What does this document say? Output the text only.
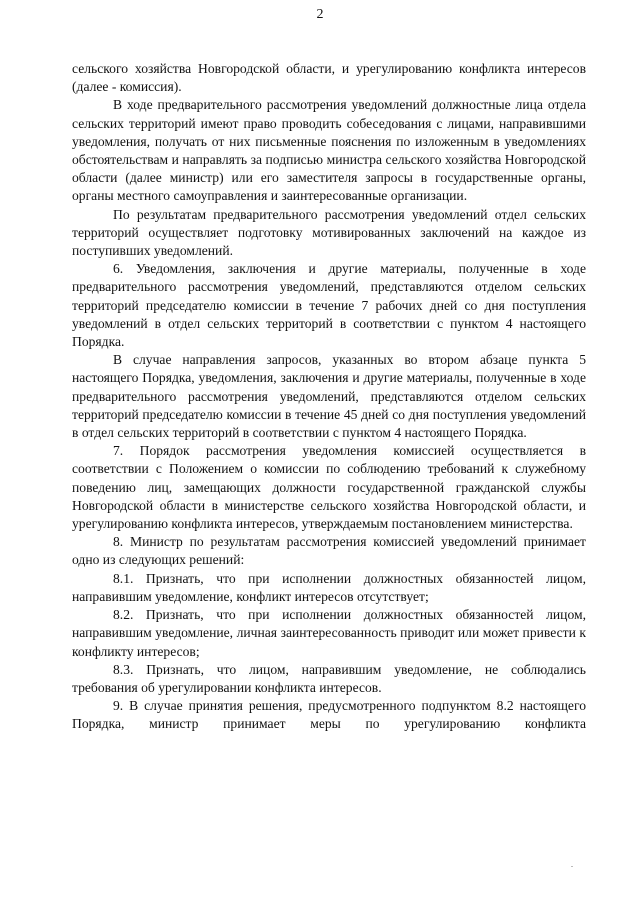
2

сельского хозяйства Новгородской области, и урегулированию конфликта интересов (далее - комиссия).

В ходе предварительного рассмотрения уведомлений должностные лица отдела сельских территорий имеют право проводить собеседования с лицами, направившими уведомления, получать от них письменные пояснения по изложенным в уведомлениях обстоятельствам и направлять за подписью министра сельского хозяйства Новгородской области (далее министр) или его заместителя запросы в государственные органы, органы местного самоуправления и заинтересованные организации.

По результатам предварительного рассмотрения уведомлений отдел сельских территорий осуществляет подготовку мотивированных заключений на каждое из поступивших уведомлений.

6. Уведомления, заключения и другие материалы, полученные в ходе предварительного рассмотрения уведомлений, представляются отделом сельских территорий председателю комиссии в течение 7 рабочих дней со дня поступления уведомлений в отдел сельских территорий в соответствии с пунктом 4 настоящего Порядка.

В случае направления запросов, указанных во втором абзаце пункта 5 настоящего Порядка, уведомления, заключения и другие материалы, полученные в ходе предварительного рассмотрения уведомлений, представляются отделом сельских территорий председателю комиссии в течение 45 дней со дня поступления уведомлений в отдел сельских территорий в соответствии с пунктом 4 настоящего Порядка.

7. Порядок рассмотрения уведомления комиссией осуществляется в соответствии с Положением о комиссии по соблюдению требований к служебному поведению лиц, замещающих должности государственной гражданской службы Новгородской области в министерстве сельского хозяйства Новгородской области, и урегулированию конфликта интересов, утверждаемым постановлением министерства.

8. Министр по результатам рассмотрения комиссией уведомлений принимает одно из следующих решений:

8.1. Признать, что при исполнении должностных обязанностей лицом, направившим уведомление, конфликт интересов отсутствует;

8.2. Признать, что при исполнении должностных обязанностей лицом, направившим уведомление, личная заинтересованность приводит или может привести к конфликту интересов;

8.3. Признать, что лицом, направившим уведомление, не соблюдались требования об урегулировании конфликта интересов.

9. В случае принятия решения, предусмотренного подпунктом 8.2 настоящего Порядка, министр принимает меры по урегулированию конфликта
